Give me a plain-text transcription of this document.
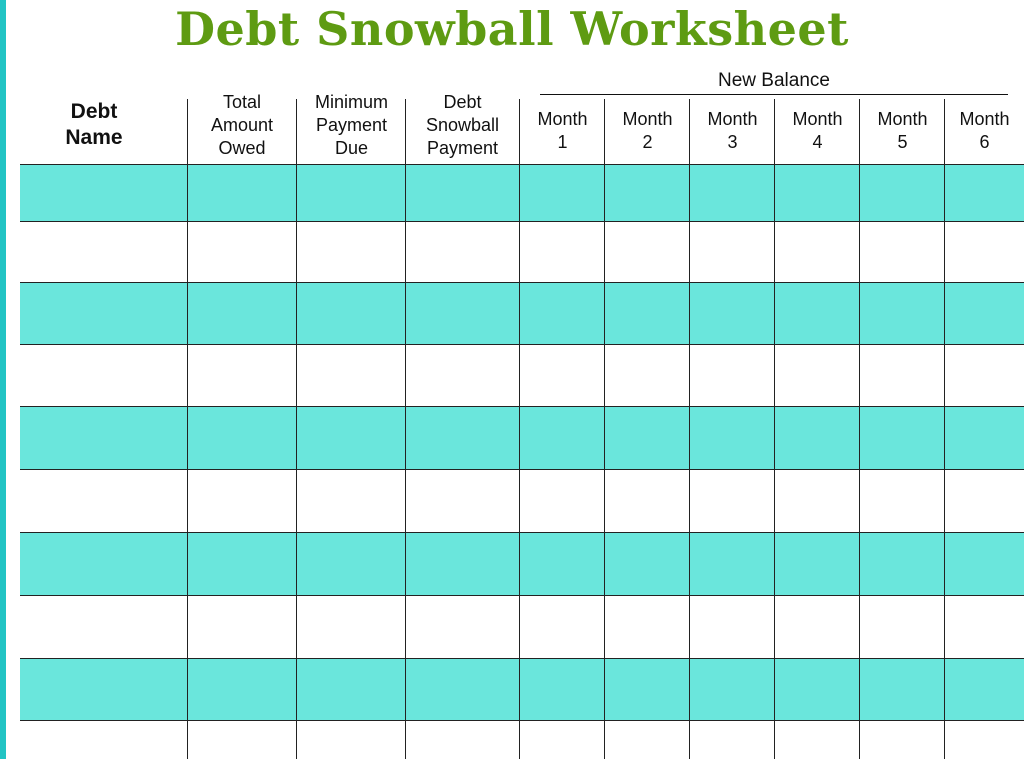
Debt Snowball Worksheet
New Balance
Debt
Name
Total
Amount
Owed
Minimum
Payment
Due
Debt
Snowball
Payment
Month
1
Month
2
Month
3
Month
4
Month
5
Month
6
